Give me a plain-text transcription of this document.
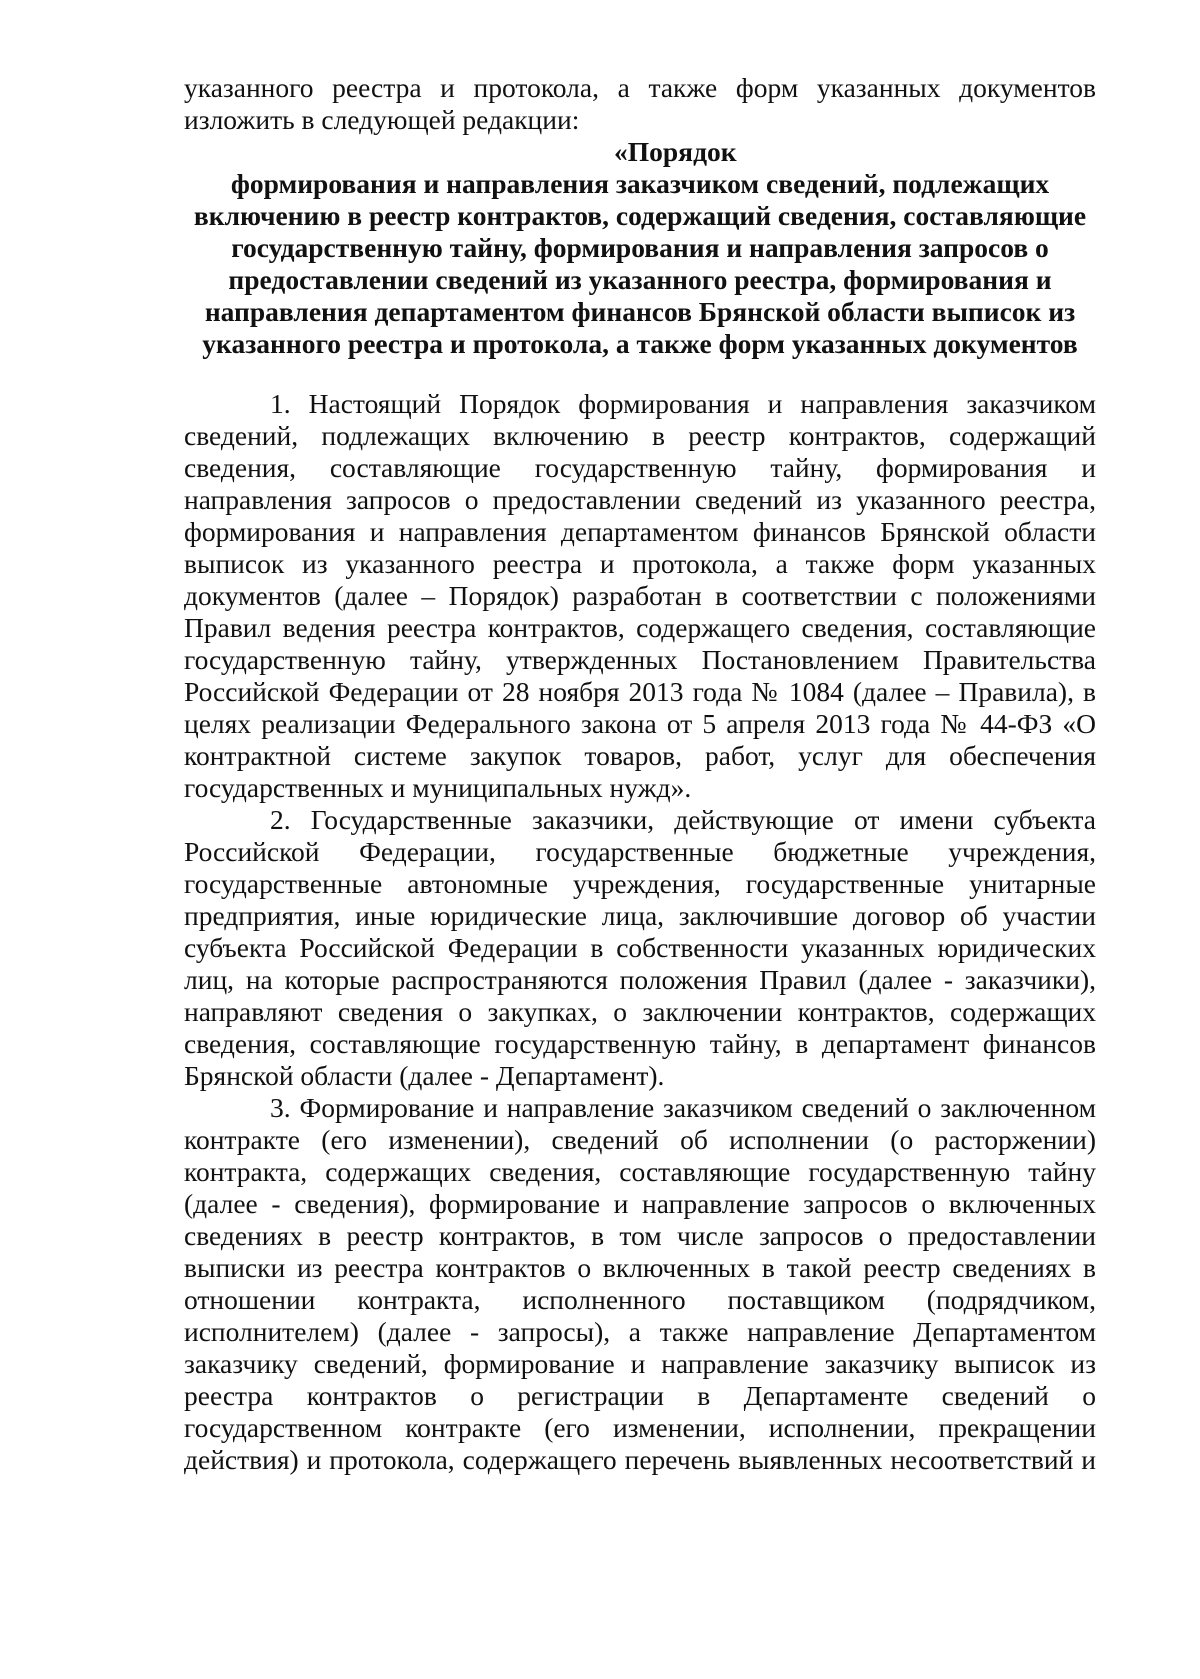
указанного реестра и протокола, а также форм указанных документов
изложить в следующей редакции:
«Порядок
формирования и направления заказчиком сведений, подлежащих
включению в реестр контрактов, содержащий сведения, составляющие
государственную тайну, формирования и направления запросов о
предоставлении сведений из указанного реестра, формирования и
направления департаментом финансов Брянской области выписок из
указанного реестра и протокола, а также форм указанных документов
1. Настоящий Порядок формирования и направления заказчиком
сведений, подлежащих включению в реестр контрактов, содержащий
сведения, составляющие государственную тайну, формирования и
направления запросов о предоставлении сведений из указанного реестра,
формирования и направления департаментом финансов Брянской области
выписок из указанного реестра и протокола, а также форм указанных
документов (далее – Порядок) разработан в соответствии с положениями
Правил ведения реестра контрактов, содержащего сведения, составляющие
государственную тайну, утвержденных Постановлением Правительства
Российской Федерации от 28 ноября 2013 года № 1084 (далее – Правила), в
целях реализации Федерального закона от 5 апреля 2013 года № 44-ФЗ «О
контрактной системе закупок товаров, работ, услуг для обеспечения
государственных и муниципальных нужд».
2. Государственные заказчики, действующие от имени субъекта
Российской Федерации, государственные бюджетные учреждения,
государственные автономные учреждения, государственные унитарные
предприятия, иные юридические лица, заключившие договор об участии
субъекта Российской Федерации в собственности указанных юридических
лиц, на которые распространяются положения Правил (далее - заказчики),
направляют сведения о закупках, о заключении контрактов, содержащих
сведения, составляющие государственную тайну, в департамент финансов
Брянской области (далее - Департамент).
3. Формирование и направление заказчиком сведений о заключенном
контракте (его изменении), сведений об исполнении (о расторжении)
контракта, содержащих сведения, составляющие государственную тайну
(далее - сведения), формирование и направление запросов о включенных
сведениях в реестр контрактов, в том числе запросов о предоставлении
выписки из реестра контрактов о включенных в такой реестр сведениях в
отношении контракта, исполненного поставщиком (подрядчиком,
исполнителем) (далее - запросы), а также направление Департаментом
заказчику сведений, формирование и направление заказчику выписок из
реестра контрактов о регистрации в Департаменте сведений о
государственном контракте (его изменении, исполнении, прекращении
действия) и протокола, содержащего перечень выявленных несоответствий и
